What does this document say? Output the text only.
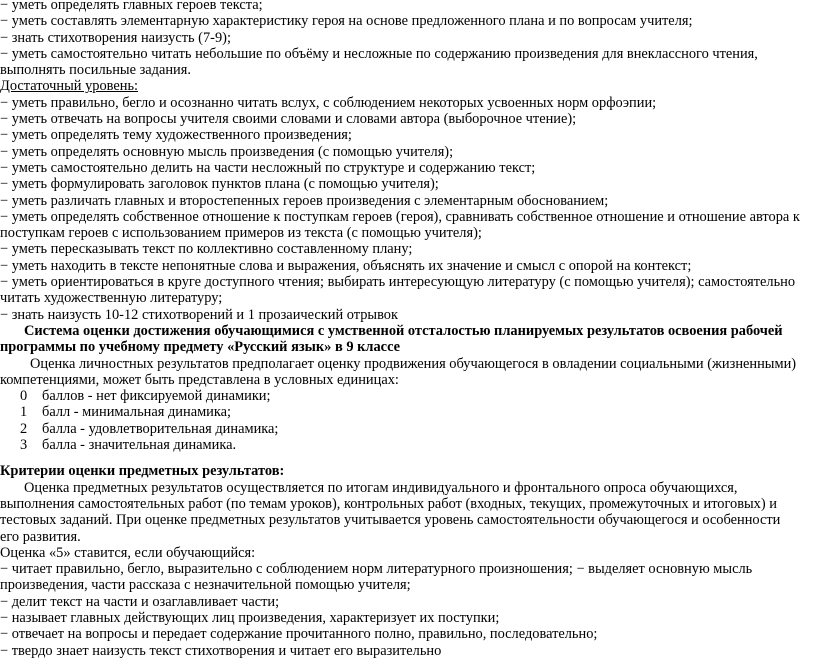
− уметь определять главных героев текста;

− уметь составлять элементарную характеристику героя на основе предложенного плана и по вопросам учителя;

− знать стихотворения наизусть (7-9);

− уметь самостоятельно читать небольшие по объёму и несложные по содержанию произведения для внеклассного чтения, выполнять посильные задания.

Достаточный уровень:

− уметь правильно, бегло и осознанно читать вслух, с соблюдением некоторых усвоенных норм орфоэпии;

− уметь отвечать на вопросы учителя своими словами и словами автора (выборочное чтение);

− уметь определять тему художественного произведения;

− уметь определять основную мысль произведения (с помощью учителя);

− уметь самостоятельно делить на части несложный по структуре и содержанию текст;

− уметь формулировать заголовок пунктов плана (с помощью учителя);

− уметь различать главных и второстепенных героев произведения с элементарным обоснованием;

− уметь определять собственное отношение к поступкам героев (героя), сравнивать собственное отношение и отношение автора к поступкам героев с использованием примеров из текста (с помощью учителя);

− уметь пересказывать текст по коллективно составленному плану;

− уметь находить в тексте непонятные слова и выражения, объяснять их значение и смысл с опорой на контекст;

− уметь ориентироваться в круге доступного чтения; выбирать интересующую литературу (с помощью учителя); самостоятельно читать художественную литературу;

− знать наизусть 10-12 стихотворений и 1 прозаический отрывок

Система оценки достижения обучающимися с умственной отсталостью планируемых результатов освоения рабочей программы по учебному предмету «Русский язык» в 9 классе

Оценка личностных результатов предполагает оценку продвижения обучающегося в овладении социальными (жизненными) компетенциями, может быть представлена в условных единицах:

0	баллов - нет фиксируемой динамики;
1	балл - минимальная динамика;
2	балла - удовлетворительная динамика;
3	балла - значительная динамика.

Критерии оценки предметных результатов:

Оценка предметных результатов осуществляется по итогам индивидуального и фронтального опроса обучающихся, выполнения самостоятельных работ (по темам уроков), контрольных работ (входных, текущих, промежуточных и итоговых) и тестовых заданий. При оценке предметных результатов учитывается уровень самостоятельности обучающегося и особенности его развития.

Оценка «5» ставится, если обучающийся:

− читает правильно, бегло, выразительно с соблюдением норм литературного произношения; − выделяет основную мысль произведения, части рассказа с незначительной помощью учителя;

− делит текст на части и озаглавливает части;

− называет главных действующих лиц произведения, характеризует их поступки;

− отвечает на вопросы и передает содержание прочитанного полно, правильно, последовательно;

− твердо знает наизусть текст стихотворения и читает его выразительно
